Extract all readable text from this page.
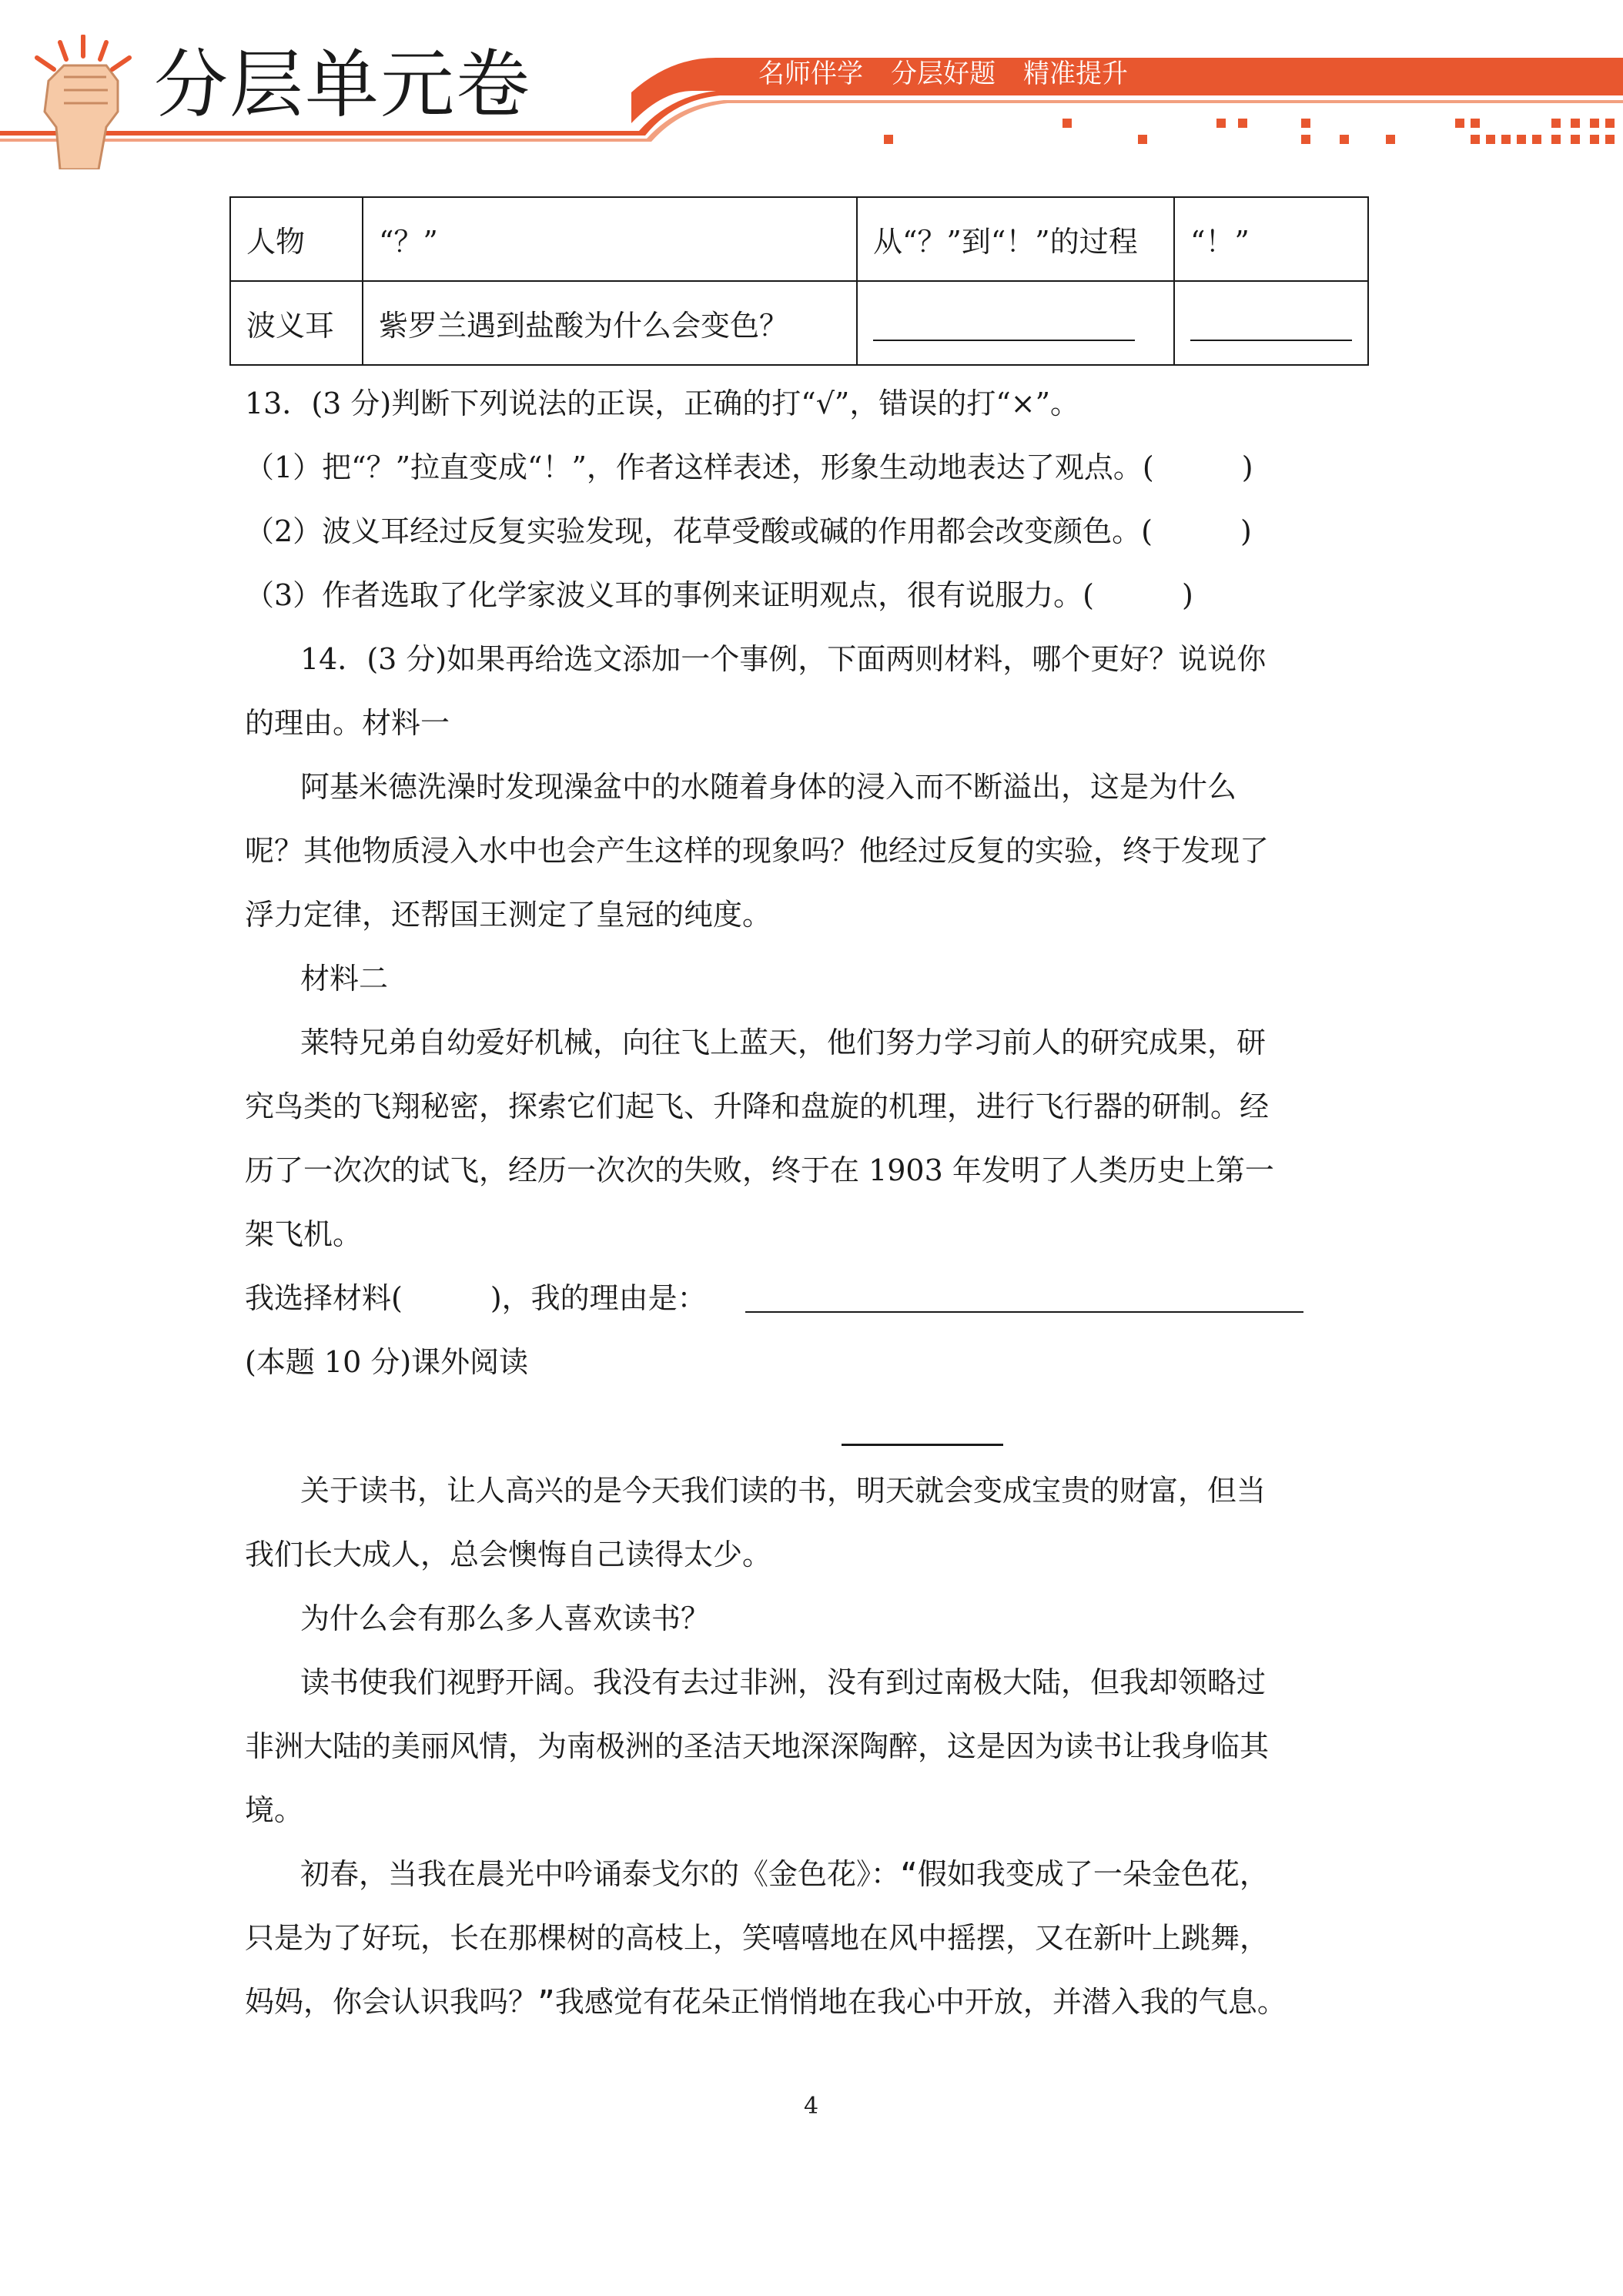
分层单元卷	名师伴学 分层好题 精准提升
人物	“？”	从“？”到“！”的过程	“！”
波义耳	紫罗兰遇到盐酸为什么会变色？		
13．(3 分)判断下列说法的正误，正确的打“√”，错误的打“×”。
（1）把“？”拉直变成“！”，作者这样表述，形象生动地表达了观点。(　　　)
（2）波义耳经过反复实验发现，花草受酸或碱的作用都会改变颜色。(　　　)
（3）作者选取了化学家波义耳的事例来证明观点，很有说服力。(　　　)
14．(3 分)如果再给选文添加一个事例，下面两则材料，哪个更好？说说你
的理由。材料一
阿基米德洗澡时发现澡盆中的水随着身体的浸入而不断溢出，这是为什么
呢？其他物质浸入水中也会产生这样的现象吗？他经过反复的实验，终于发现了
浮力定律，还帮国王测定了皇冠的纯度。
材料二
莱特兄弟自幼爱好机械，向往飞上蓝天，他们努力学习前人的研究成果，研
究鸟类的飞翔秘密，探索它们起飞、升降和盘旋的机理，进行飞行器的研制。经
历了一次次的试飞，经历一次次的失败，终于在 1903 年发明了人类历史上第一
架飞机。
我选择材料(　　　)，我的理由是：
(本题 10 分)课外阅读
关于读书，让人高兴的是今天我们读的书，明天就会变成宝贵的财富，但当
我们长大成人，总会懊悔自己读得太少。
为什么会有那么多人喜欢读书？
读书使我们视野开阔。我没有去过非洲，没有到过南极大陆，但我却领略过
非洲大陆的美丽风情，为南极洲的圣洁天地深深陶醉，这是因为读书让我身临其
境。
初春，当我在晨光中吟诵泰戈尔的《金色花》：“假如我变成了一朵金色花，
只是为了好玩，长在那棵树的高枝上，笑嘻嘻地在风中摇摆，又在新叶上跳舞，
妈妈，你会认识我吗？”我感觉有花朵正悄悄地在我心中开放，并潜入我的气息。
4
